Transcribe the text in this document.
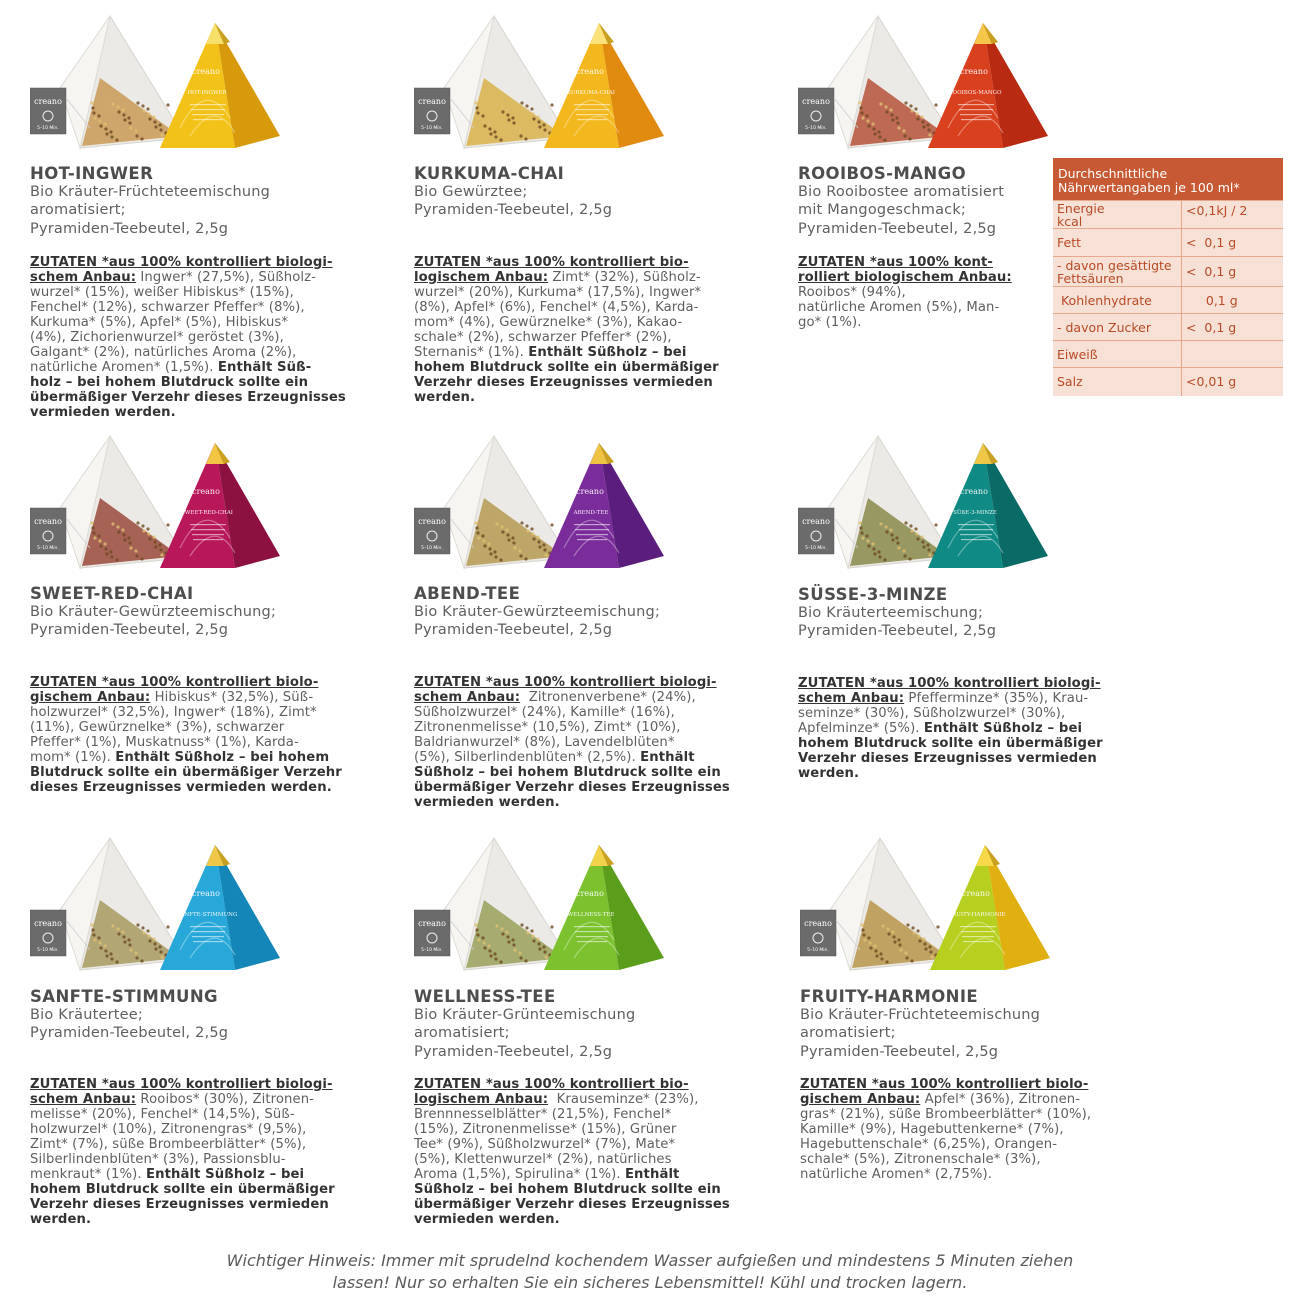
creano
5–10 Min.
creano
HOT-INGWER
HOT-INGWER
Bio Kräuter-Früchteteemischung
aromatisiert;
Pyramiden-Teebeutel, 2,5g
ZUTATEN *aus 100% kontrolliert biologi-
schem Anbau: Ingwer* (27,5%), Süßholz-
wurzel* (15%), weißer Hibiskus* (15%),
Fenchel* (12%), schwarzer Pfeffer* (8%),
Kurkuma* (5%), Apfel* (5%), Hibiskus*
(4%), Zichorienwurzel* geröstet (3%),
Galgant* (2%), natürliches Aroma (2%),
natürliche Aromen* (1,5%). Enthält Süß-
holz – bei hohem Blutdruck sollte ein
übermäßiger Verzehr dieses Erzeugnisses
vermieden werden.
creano
5–10 Min.
creano
KURKUMA-CHAI
KURKUMA-CHAI
Bio Gewürztee;
Pyramiden-Teebeutel, 2,5g
ZUTATEN *aus 100% kontrolliert bio-
logischem Anbau: Zimt* (32%), Süßholz-
wurzel* (20%), Kurkuma* (17,5%), Ingwer*
(8%), Apfel* (6%), Fenchel* (4,5%), Karda-
mom* (4%), Gewürznelke* (3%), Kakao-
schale* (2%), schwarzer Pfeffer* (2%),
Sternanis* (1%). Enthält Süßholz – bei
hohem Blutdruck sollte ein übermäßiger
Verzehr dieses Erzeugnisses vermieden
werden.
creano
5–10 Min.
creano
ROOIBOS-MANGO
ROOIBOS-MANGO
Bio Rooibostee aromatisiert
mit Mangogeschmack;
Pyramiden-Teebeutel, 2,5g
ZUTATEN *aus 100% kont-
rolliert biologischem Anbau:
Rooibos* (94%),
natürliche Aromen (5%), Man-
go* (1%).
creano
5–10 Min.
creano
SWEET-RED-CHAI
SWEET-RED-CHAI
Bio Kräuter-Gewürzteemischung;
Pyramiden-Teebeutel, 2,5g
ZUTATEN *aus 100% kontrolliert biolo-
gischem Anbau: Hibiskus* (32,5%), Süß-
holzwurzel* (32,5%), Ingwer* (18%), Zimt*
(11%), Gewürznelke* (3%), schwarzer
Pfeffer* (1%), Muskatnuss* (1%), Karda-
mom* (1%). Enthält Süßholz – bei hohem
Blutdruck sollte ein übermäßiger Verzehr
dieses Erzeugnisses vermieden werden.
creano
5–10 Min.
creano
ABEND-TEE
ABEND-TEE
Bio Kräuter-Gewürzteemischung;
Pyramiden-Teebeutel, 2,5g
ZUTATEN *aus 100% kontrolliert biologi-
schem Anbau:  Zitronenverbene* (24%),
Süßholzwurzel* (24%), Kamille* (16%),
Zitronenmelisse* (10,5%), Zimt* (10%),
Baldrianwurzel* (8%), Lavendelblüten*
(5%), Silberlindenblüten* (2,5%). Enthält
Süßholz – bei hohem Blutdruck sollte ein
übermäßiger Verzehr dieses Erzeugnisses
vermieden werden.
creano
5–10 Min.
creano
SÜßE-3-MINZE
SÜSSE-3-MINZE
Bio Kräuterteemischung;
Pyramiden-Teebeutel, 2,5g
ZUTATEN *aus 100% kontrolliert biologi-
schem Anbau: Pfefferminze* (35%), Krau-
seminze* (30%), Süßholzwurzel* (30%),
Apfelminze* (5%). Enthält Süßholz – bei
hohem Blutdruck sollte ein übermäßiger
Verzehr dieses Erzeugnisses vermieden
werden.
creano
5–10 Min.
creano
SANFTE-STIMMUNG
SANFTE-STIMMUNG
Bio Kräutertee;
Pyramiden-Teebeutel, 2,5g
ZUTATEN *aus 100% kontrolliert biologi-
schem Anbau: Rooibos* (30%), Zitronen-
melisse* (20%), Fenchel* (14,5%), Süß-
holzwurzel* (10%), Zitronengras* (9,5%),
Zimt* (7%), süße Brombeerblätter* (5%),
Silberlindenblüten* (3%), Passionsblu-
menkraut* (1%). Enthält Süßholz – bei
hohem Blutdruck sollte ein übermäßiger
Verzehr dieses Erzeugnisses vermieden
werden.
creano
5–10 Min.
creano
WELLNESS-TEE
WELLNESS-TEE
Bio Kräuter-Grünteemischung
aromatisiert;
Pyramiden-Teebeutel, 2,5g
ZUTATEN *aus 100% kontrolliert bio-
logischem Anbau:  Krauseminze* (23%),
Brennnesselblätter* (21,5%), Fenchel*
(15%), Zitronenmelisse* (15%), Grüner
Tee* (9%), Süßholzwurzel* (7%), Mate*
(5%), Klettenwurzel* (2%), natürliches
Aroma (1,5%), Spirulina* (1%). Enthält
Süßholz – bei hohem Blutdruck sollte ein
übermäßiger Verzehr dieses Erzeugnisses
vermieden werden.
creano
5–10 Min.
creano
FRUITY-HARMONIE
FRUITY-HARMONIE
Bio Kräuter-Früchteteemischung
aromatisiert;
Pyramiden-Teebeutel, 2,5g
ZUTATEN *aus 100% kontrolliert biolo-
gischem Anbau: Apfel* (36%), Zitronen-
gras* (21%), süße Brombeerblätter* (10%),
Kamille* (9%), Hagebuttenkerne* (7%),
Hagebuttenschale* (6,25%), Orangen-
schale* (5%), Zitronenschale* (3%),
natürliche Aromen* (2,75%).
Durchschnittliche
Nährwertangaben je 100 ml*	

Energie
kcal	<0,1kJ / 2

Fett	<  0,1 g

- davon gesättigte
Fettsäuren	<  0,1 g

Kohlenhydrate	0,1 g

- davon Zucker	<  0,1 g

Eiweiß	

Salz	<0,01 g
Wichtiger Hinweis: Immer mit sprudelnd kochendem Wasser aufgießen und mindestens 5 Minuten ziehen
lassen! Nur so erhalten Sie ein sicheres Lebensmittel! Kühl und trocken lagern.
